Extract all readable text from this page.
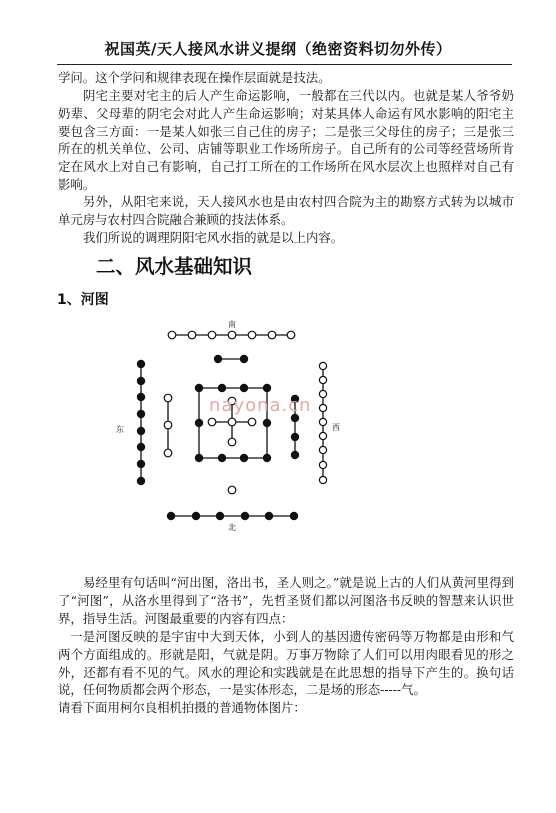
祝国英/天人接风水讲义提纲（绝密资料切勿外传）

学问。这个学问和规律表现在操作层面就是技法。

阴宅主要对宅主的后人产生命运影响，一般都在三代以内。也就是某人爷爷奶奶辈、父母辈的阴宅会对此人产生命运影响；对某具体人命运有风水影响的阳宅主要包含三方面：一是某人如张三自己住的房子；二是张三父母住的房子；三是张三所在的机关单位、公司、店铺等职业工作场所房子。自己所有的公司等经营场所肯定在风水上对自己有影响，自己打工所在的工作场所在风水层次上也照样对自己有影响。

另外，从阳宅来说，天人接风水也是由农村四合院为主的勘察方式转为以城市单元房与农村四合院融合兼顾的技法体系。

我们所说的调理阴阳宅风水指的就是以上内容。

二、风水基础知识
1、河图
南
北
东	西
nayona.cn

易经里有句话叫“河出图，洛出书，圣人则之。”就是说上古的人们从黄河里得到了“河图”，从洛水里得到了“洛书”，先哲圣贤们都以河图洛书反映的智慧来认识世界，指导生活。河图最重要的内容有四点：

一是河图反映的是宇宙中大到天体，小到人的基因遗传密码等万物都是由形和气两个方面组成的。形就是阳，气就是阴。万事万物除了人们可以用肉眼看见的形之外，还都有看不见的气。风水的理论和实践就是在此思想的指导下产生的。换句话说，任何物质都会两个形态，一是实体形态，二是场的形态-----气。

请看下面用柯尔良相机拍摄的普通物体图片：
